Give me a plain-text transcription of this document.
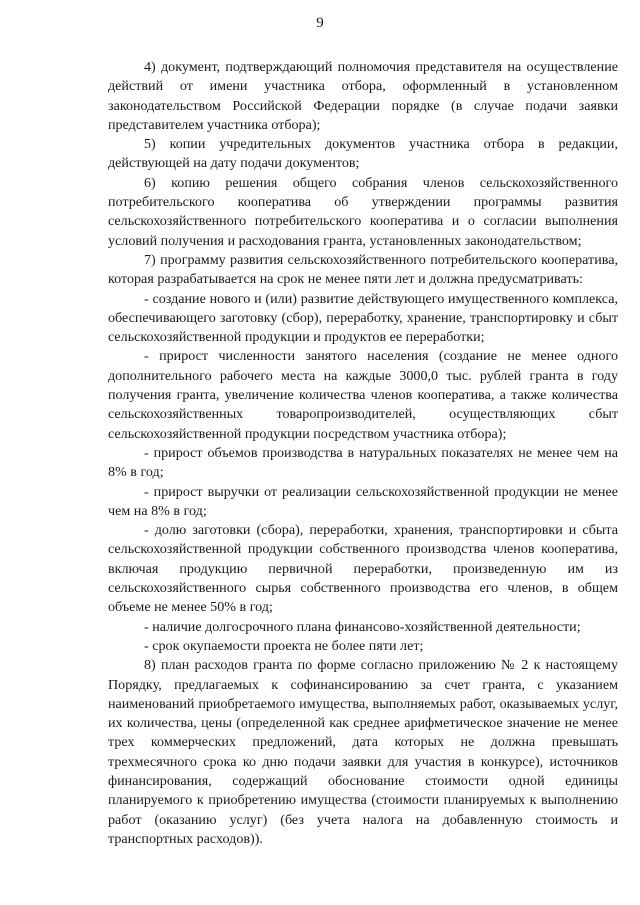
9

4) документ, подтверждающий полномочия представителя на осуществление действий от имени участника отбора, оформленный в установленном законодательством Российской Федерации порядке (в случае подачи заявки представителем участника отбора);

5) копии учредительных документов участника отбора в редакции, действующей на дату подачи документов;

6) копию решения общего собрания членов сельскохозяйственного потребительского кооператива об утверждении программы развития сельскохозяйственного потребительского кооператива и о согласии выполнения условий получения и расходования гранта, установленных законодательством;

7) программу развития сельскохозяйственного потребительского кооператива, которая разрабатывается на срок не менее пяти лет и должна предусматривать:

- создание нового и (или) развитие действующего имущественного комплекса, обеспечивающего заготовку (сбор), переработку, хранение, транспортировку и сбыт сельскохозяйственной продукции и продуктов ее переработки;

- прирост численности занятого населения (создание не менее одного дополнительного рабочего места на каждые 3000,0 тыс. рублей гранта в году получения гранта, увеличение количества членов кооператива, а также количества сельскохозяйственных товаропроизводителей, осуществляющих сбыт сельскохозяйственной продукции посредством участника отбора);

- прирост объемов производства в натуральных показателях не менее чем на 8% в год;

- прирост выручки от реализации сельскохозяйственной продукции не менее чем на 8% в год;

- долю заготовки (сбора), переработки, хранения, транспортировки и сбыта сельскохозяйственной продукции собственного производства членов кооператива, включая продукцию первичной переработки, произведенную им из сельскохозяйственного сырья собственного производства его членов, в общем объеме не менее 50% в год;

- наличие долгосрочного плана финансово-хозяйственной деятельности;

- срок окупаемости проекта не более пяти лет;

8) план расходов гранта по форме согласно приложению № 2 к настоящему Порядку, предлагаемых к софинансированию за счет гранта, с указанием наименований приобретаемого имущества, выполняемых работ, оказываемых услуг, их количества, цены (определенной как среднее арифметическое значение не менее трех коммерческих предложений, дата которых не должна превышать трехмесячного срока ко дню подачи заявки для участия в конкурсе), источников финансирования, содержащий обоснование стоимости одной единицы планируемого к приобретению имущества (стоимости планируемых к выполнению работ (оказанию услуг) (без учета налога на добавленную стоимость и транспортных расходов)).
